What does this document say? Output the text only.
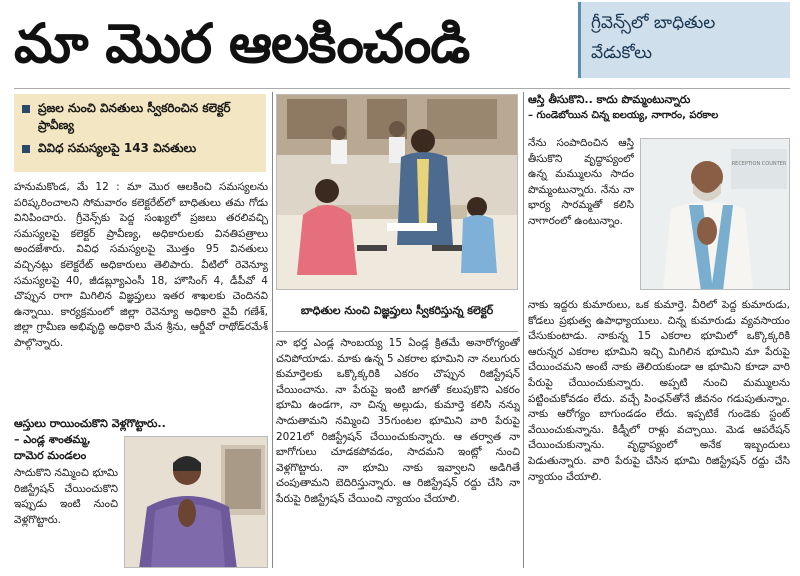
మా మొర ఆలకించండి	గ్రీవెన్స్‌లో బాధితుల
వేడుకోలు
ప్రజల నుంచి వినతులు స్వీకరించిన కలెక్టర్ ప్రావీణ్య
వివిధ సమస్యలపై 143 వినతులు
హనుమకొండ, మే 12 : మా మొర ఆలకించి సమస్యలను పరిష్కరించాలని సోమవారం కలెక్టరేట్‌లో బాధితులు తమ గోడు వినిపించారు. గ్రీవెన్స్‌కు పెద్ద సంఖ్యలో ప్రజలు తరలివచ్చి సమస్యలపై కలెక్టర్ ప్రావీణ్య, అధికారులకు వినతిపత్రాలు అందజేశారు. వివిధ సమస్యలపై మొత్తం 95 వినతులు వచ్చినట్లు కలెక్టరేట్ అధికారులు తెలిపారు. వీటిలో రెవెన్యూ సమస్యలపై 40, జీడబ్ల్యూఎంసీ 18, హౌసింగ్ 4, డీపీవో 4 చొప్పున రాగా మిగిలిన విజ్ఞప్తులు ఇతర శాఖలకు చెందినవి ఉన్నాయి. కార్యక్రమంలో జిల్లా రెవెన్యూ అధికారి వైవీ గణేశ్, జిల్లా గ్రామీణ అభివృద్ధి అధికారి మేన శ్రీను, ఆర్డీవో రాథోడ్‌రమేశ్ పాల్గొన్నారు.
ఆస్తులు రాయించుకొని వెళ్లగొట్టారు..
– ఎండ్ల శాంతమ్మ,
దామెర మండలం
సాదుకొని నమ్మించి భూమి రిజిస్ట్రేషన్ చేయించుకొని ఇప్పుడు ఇంటి నుంచి వెళ్లగొట్టారు.
బాధితుల నుంచి విజ్ఞప్తులు స్వీకరిస్తున్న కలెక్టర్
నా భర్త ఎండ్ల సాంబయ్య 15 ఏండ్ల క్రితమే అనారోగ్యంతో చనిపోయాడు. మాకు ఉన్న 5 ఎకరాల భూమిని నా నలుగురు కుమార్తెలకు ఒక్కొక్కరికి ఎకరం చొప్పున రిజిస్ట్రేషన్ చేయించాను. నా పేరుపై ఇంటి జాగతో కలుపుకొని ఎకరం భూమి ఉండగా, నా చిన్న అల్లుడు, కుమార్తె కలిసి నన్ను సాదుతామని నమ్మించి 35గుంటల భూమిని వారి పేరుపై 2021లో రిజిస్ట్రేషన్ చేయించుకున్నారు. ఆ తర్వాత నా బాగోగులు చూడకపోవడం, సాదమని ఇంట్లో నుంచి వెళ్లగొట్టారు. నా భూమి నాకు ఇవ్వాలని అడిగితే చంపుతామని బెదిరిస్తున్నారు. ఆ రిజిస్ట్రేషన్ రద్దు చేసి నా పేరుపై రిజిస్ట్రేషన్ చేయించి న్యాయం చేయాలి.
ఆస్తి తీసుకొని.. కాదు పొమ్మంటున్నారు
– గుండెబోయిన చిన్న ఐలయ్య, నాగారం, పరకాల
నేను సంపాదించిన ఆస్తి తీసుకొని వృద్ధాప్యంలో ఉన్న మమ్ములను సాదం పొమ్మంటున్నారు. నేను నా భార్య సారమ్మతో కలిసి నాగారంలో ఉంటున్నాం.
RECEPTION COUNTER
నాకు ఇద్దరు కుమారులు, ఒక కుమార్తె. వీరిలో పెద్ద కుమారుడు, కోడలు ప్రభుత్వ ఉపాధ్యాయులు. చిన్న కుమారుడు వ్యవసాయం చేసుకుంటాడు. నాకున్న 15 ఎకరాల భూమిలో ఒక్కొక్కరికి ఆరున్నర ఎకరాల భూమిని ఇచ్చి మిగిలిన భూమిని మా పేరుపై చేయించమని అంటే నాకు తెలియకుండా ఆ భూమిని కూడా వారి పేరుపై చేయించుకున్నారు. అప్పటి నుంచి మమ్ములను పట్టించుకోవడం లేదు. వచ్చే పింఛన్‌తోనే జీవనం గడుపుతున్నాం. నాకు ఆరోగ్యం బాగుండడం లేదు. ఇప్పటికే గుండెకు స్టంట్ వేయించుకున్నాను. కిడ్నీలో రాళ్లు వచ్చాయి. మెడ ఆపరేషన్ చేయించుకున్నాను. వృద్ధాప్యంలో అనేక ఇబ్బందులు పెడుతున్నారు. వారి పేరుపై చేసిన భూమి రిజిస్ట్రేషన్ రద్దు చేసి న్యాయం చేయాలి.
